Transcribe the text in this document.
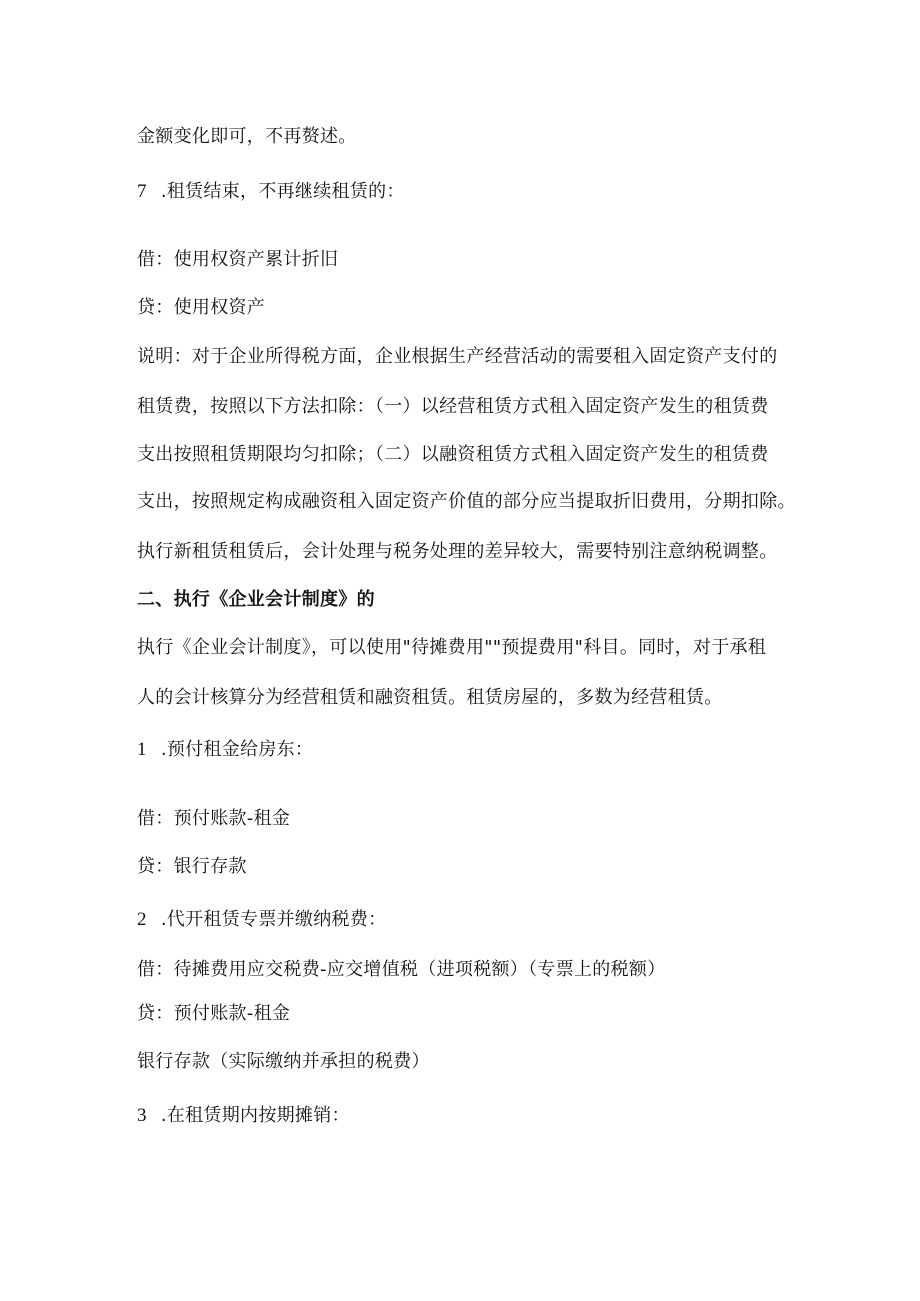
金额变化即可，不再赘述。
7 .租赁结束，不再继续租赁的：
借：使用权资产累计折旧
贷：使用权资产
说明：对于企业所得税方面，企业根据生产经营活动的需要租入固定资产支付的
租赁费，按照以下方法扣除：（一）以经营租赁方式租入固定资产发生的租赁费
支出按照租赁期限均匀扣除；（二）以融资租赁方式租入固定资产发生的租赁费
支出，按照规定构成融资租入固定资产价值的部分应当提取折旧费用，分期扣除。
执行新租赁租赁后，会计处理与税务处理的差异较大，需要特别注意纳税调整。
二、执行《企业会计制度》的
执行《企业会计制度》，可以使用"待摊费用""预提费用"科目。同时，对于承租
人的会计核算分为经营租赁和融资租赁。租赁房屋的，多数为经营租赁。
1 .预付租金给房东：
借：预付账款-租金
贷：银行存款
2 .代开租赁专票并缴纳税费：
借：待摊费用应交税费-应交增值税（进项税额）（专票上的税额）
贷：预付账款-租金
银行存款（实际缴纳并承担的税费）
3 .在租赁期内按期摊销：
